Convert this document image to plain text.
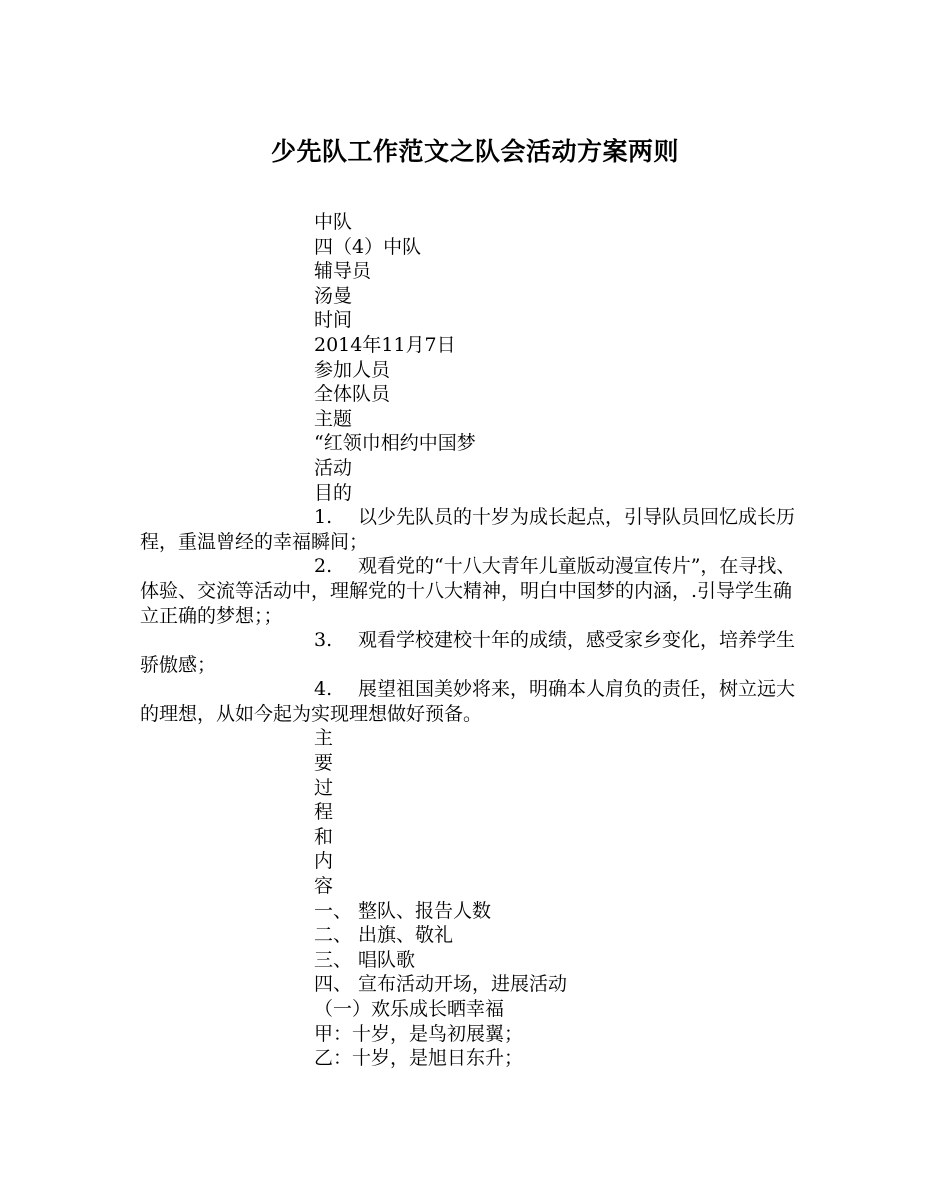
少先队工作范文之队会活动方案两则
中队
四（4）中队
辅导员
汤曼
时间
2014年11月7日
参加人员
全体队员
主题
“红领巾相约中国梦
活动
目的
1. 以少先队员的十岁为成长起点，引导队员回忆成长历程，重温曾经的幸福瞬间；
2. 观看党的“十八大青年儿童版动漫宣传片”，在寻找、体验、交流等活动中，理解党的十八大精神，明白中国梦的内涵，.引导学生确立正确的梦想；；
3. 观看学校建校十年的成绩，感受家乡变化，培养学生骄傲感；
4. 展望祖国美妙将来，明确本人肩负的责任，树立远大的理想，从如今起为实现理想做好预备。
主
要
过
程
和
内
容
一、 整队、报告人数
二、 出旗、敬礼
三、 唱队歌
四、 宣布活动开场，进展活动
（一）欢乐成长晒幸福
甲：十岁，是鸟初展翼；
乙：十岁，是旭日东升；
